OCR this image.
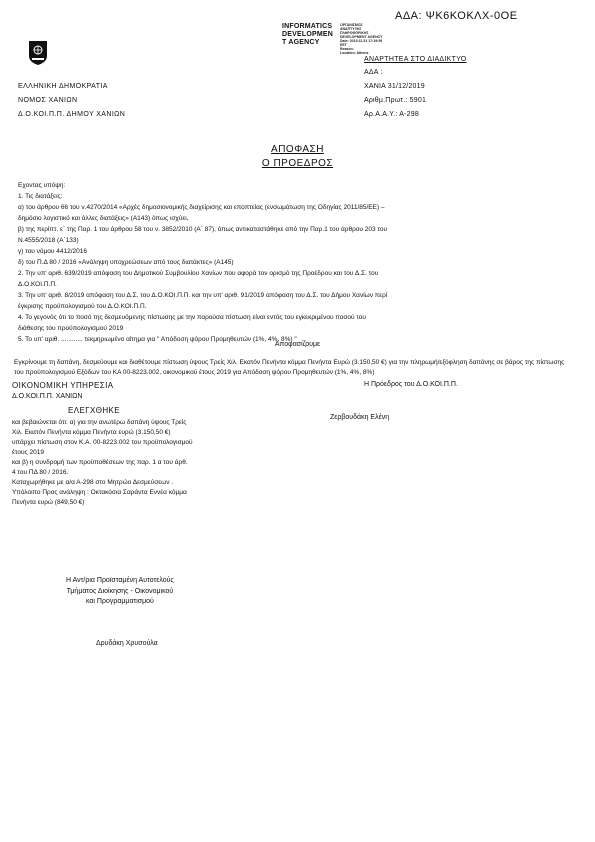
ΑΔΑ: ΨΚ6ΚΟΚΛΧ-0ΟΕ
INFORMATICS
DEVELOPMEN
T AGENCY
ΟΡΓΑΝΙΣΜΟΣ
ΑΝΑΠΤΥΞΗΣ
ΠΛΗΡΟΦΟΡΙΚΗΣ
DEVELOPMENT AGENCY
Date: 2019.12.31 17:19:59
EET
Reason:
Location: Athens
ΑΝΑΡΤΗΤΕΑ ΣΤΟ ΔΙΑΔΙΚΤΥΟ
ΕΛΛΗΝΙΚΗ ΔΗΜΟΚΡΑΤΙΑ
ΝΟΜΟΣ ΧΑΝΙΩΝ
Δ.Ο.ΚΟΙ.Π.Π. ΔΗΜΟΥ ΧΑΝΙΩΝ
ΑΔΑ :
ΧΑΝΙΑ 31/12/2019
Αριθμ.Πρωτ.: 5901
Αρ.Α.Α.Υ.: Α-298
ΑΠΟΦΑΣΗ
Ο ΠΡΟΕΔΡΟΣ

Εχοντας υπόψη:

1. Τις διατάξεις:

α) του άρθρου 66 του ν.4270/2014 «Αρχές δημοσιονομικής διαχείρισης και εποπτείας (ενσωμάτωση της Οδηγίας 2011/85/ΕΕ) –

δημόσιο λογιστικό και άλλες διατάξεις» (Α143) όπως ισχύει,

β) της περίπτ. ε΄ της Παρ. 1 του άρθρου 58 του ν. 3852/2010 (Α΄ 87), όπως αντικαταστάθηκε από την Παρ.1 του άρθρου 203 του

Ν.4555/2018 (Α΄133)

γ) του νόμου 4412/2016

δ) του Π.Δ 80 / 2016 «Ανάληψη υποχρεώσεων από τους διατάκτες» (Α145)

2. Την υπ' αριθ. 639/2019 απόφαση του Δημοτικού Συμβουλίου Χανίων που αφορά τον ορισμό της Προέδρου και του Δ.Σ. του

Δ.Ο.ΚΟΙ.Π.Π.

3. Την υπ' αριθ. 8/2019 απόφαση του Δ.Σ. του Δ.Ο.ΚΟΙ.Π.Π. και την υπ' αριθ. 91/2019 απόφαση του Δ.Σ. του Δήμου Χανίων περί

έγκρισης προϋπολογισμού του Δ.Ο.ΚΟΙ.Π.Π.

4. Το γεγονός ότι το ποσό της δεσμευόμενης πίστωσης με την παρούσα πίστωση είναι εντός του εγκεκριμένου ποσού του

διάθεσης του προϋπολογισμού 2019

5. Το υπ' αριθ. ............ τεκμηριωμένο αίτημα για " Απόδοση ψόρου Προμηθευτών (1%, 4%, 8%) "

Αποφασίζουμε
Εγκρίνουμε τη δαπάνη, δεσμεύουμε και διαθέτουμε πίστωση ύψους Τρείς Χιλ. Εκατόν Πενήντα κόμμα Πενήντα Ευρώ (3.150,50 €) για την πληρωμή/εξόφληση δαπάνης σε βάρος της πίστωσης του προϋπολογισμού Εξόδων του ΚΑ 00-8223.002, οικονομικού έτους 2019 για Απόδοση ψόρου Προμηθευτών (1%, 4%, 8%)
ΟΙΚΟΝΟΜΙΚΗ ΥΠΗΡΕΣΙΑ
Δ.Ο.ΚΟΙ.Π.Π. ΧΑΝΙΩΝ
ΕΛΕΓΧΘΗΚΕ
και βεβαιώνεται ότι: α) για την ανωτέρω δαπάνη ύψους Τρείς
Χιλ. Εκατόν Πενήντα κόμμα Πενήντα ευρώ (3.150,50 €)
υπάρχει πίστωση στον Κ.Α. 00-8223.002 του προϋπολογισμού
έτους 2019
και β) η συνδρομή των προϋποθέσεων της παρ. 1 α του άρθ.
4 του ΠΔ 80 / 2016.
Καταχωρήθηκε με α/α Α-298 στο Μητρώο Δεσμεύσεων .
Υπόλοιπο Προς ανάληψη : Οκτακόσια Σαράντα Εννέα κόμμα
Πενήντα ευρώ (849,50 €)
Η Πρόεδρος του Δ.Ο.ΚΟΙ.Π.Π.
Ζερβουδάκη Ελένη
Η Αντ/ρια Προϊσταμένη Αυτοτελούς
Τμήματος Διοίκησης - Οικονομικού
και Προγραμματισμού
Δρυδάκη Χρυσούλα
